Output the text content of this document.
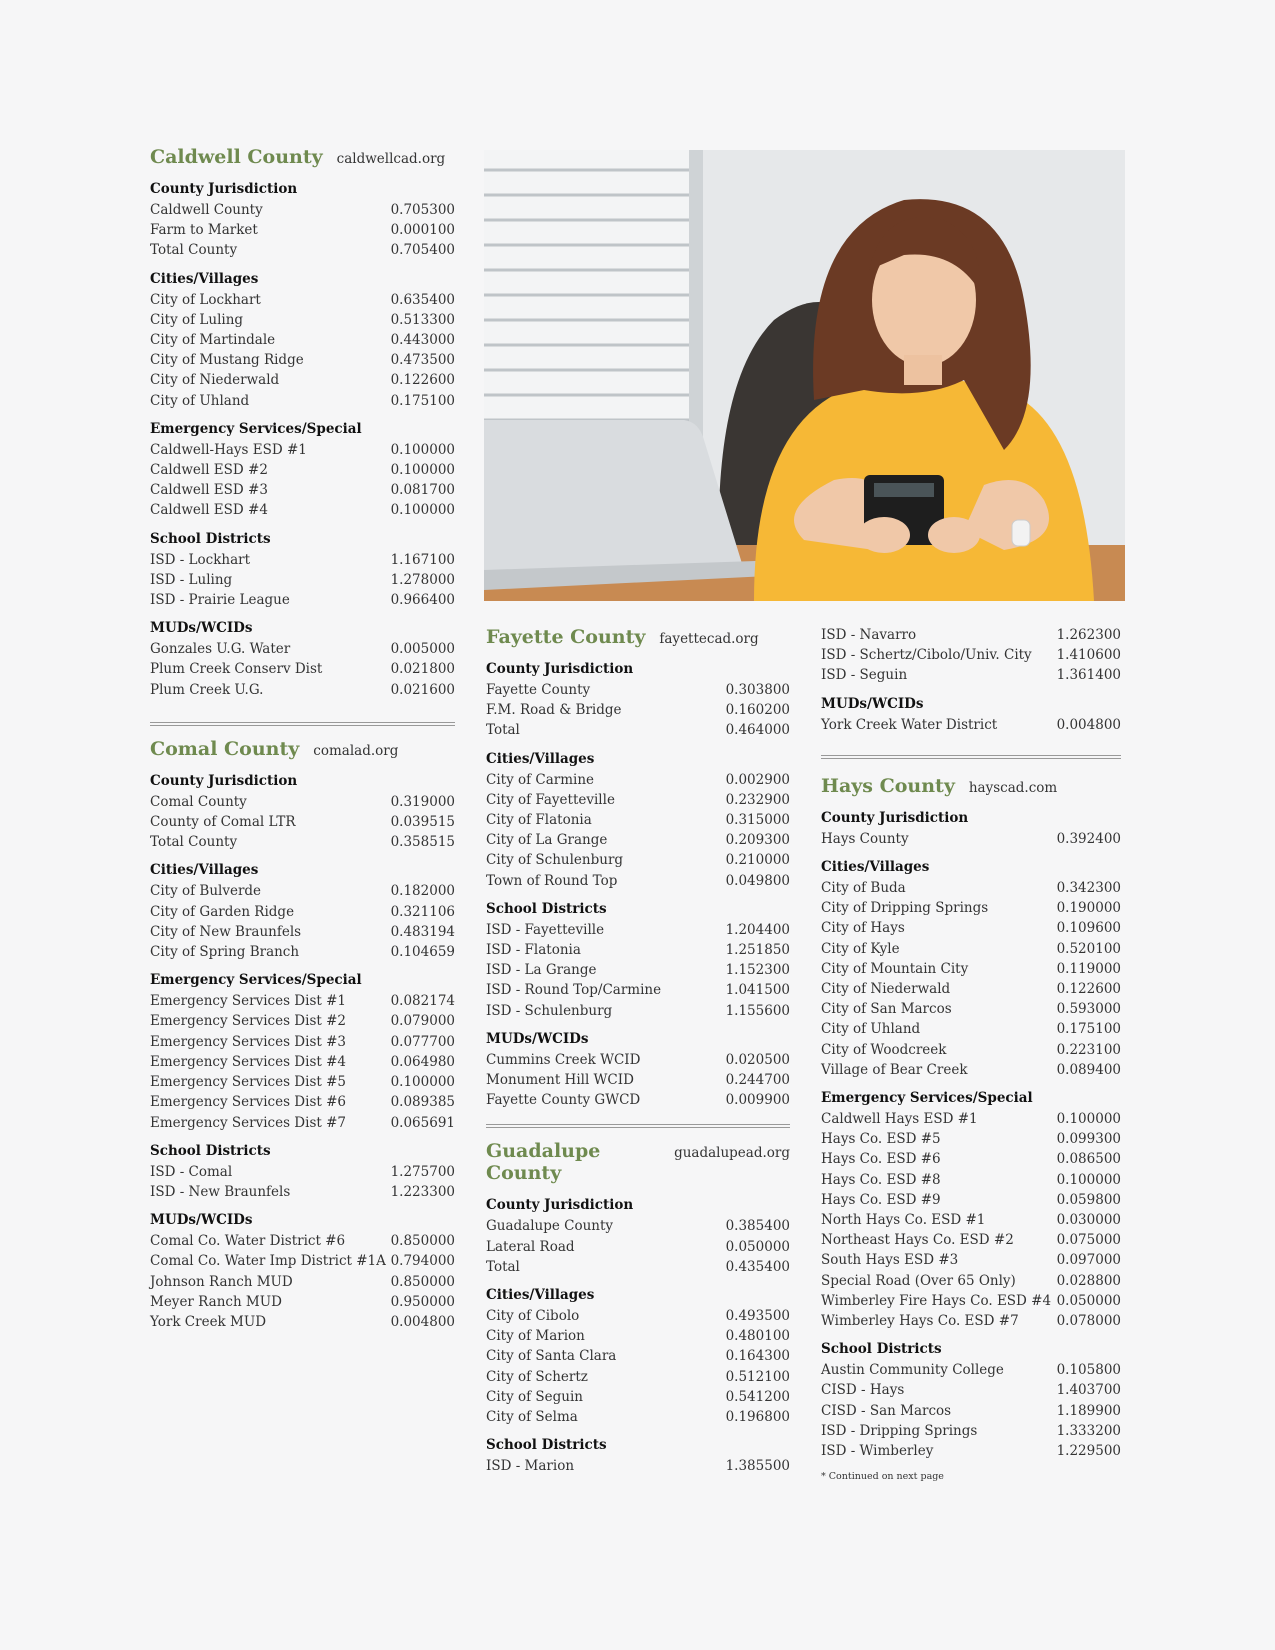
Caldwell County caldwellcad.org
County Jurisdiction
Caldwell County	0.705300
Farm to Market	0.000100
Total County	0.705400
Cities/Villages
City of Lockhart	0.635400
City of Luling	0.513300
City of Martindale	0.443000
City of Mustang Ridge	0.473500
City of Niederwald	0.122600
City of Uhland	0.175100
Emergency Services/Special
Caldwell-Hays ESD #1	0.100000
Caldwell ESD #2	0.100000
Caldwell ESD #3	0.081700
Caldwell ESD #4	0.100000
School Districts
ISD - Lockhart	1.167100
ISD - Luling	1.278000
ISD - Prairie League	0.966400
MUDs/WCIDs
Gonzales U.G. Water	0.005000
Plum Creek Conserv Dist	0.021800
Plum Creek U.G.	0.021600
Comal County comalad.org
County Jurisdiction
Comal County	0.319000
County of Comal LTR	0.039515
Total County	0.358515
Cities/Villages
City of Bulverde	0.182000
City of Garden Ridge	0.321106
City of New Braunfels	0.483194
City of Spring Branch	0.104659
Emergency Services/Special
Emergency Services Dist #1	0.082174
Emergency Services Dist #2	0.079000
Emergency Services Dist #3	0.077700
Emergency Services Dist #4	0.064980
Emergency Services Dist #5	0.100000
Emergency Services Dist #6	0.089385
Emergency Services Dist #7	0.065691
School Districts
ISD - Comal	1.275700
ISD - New Braunfels	1.223300
MUDs/WCIDs
Comal Co. Water District #6	0.850000
Comal Co. Water Imp District #1A 0.794000
Johnson Ranch MUD	0.850000
Meyer Ranch MUD	0.950000
York Creek MUD	0.004800
Fayette County fayettecad.org
County Jurisdiction
Fayette County	0.303800
F.M. Road & Bridge	0.160200
Total	0.464000
Cities/Villages
City of Carmine	0.002900
City of Fayetteville	0.232900
City of Flatonia	0.315000
City of La Grange	0.209300
City of Schulenburg	0.210000
Town of Round Top	0.049800
School Districts
ISD - Fayetteville	1.204400
ISD - Flatonia	1.251850
ISD - La Grange	1.152300
ISD - Round Top/Carmine	1.041500
ISD - Schulenburg	1.155600
MUDs/WCIDs
Cummins Creek WCID	0.020500
Monument Hill WCID	0.244700
Fayette County GWCD	0.009900
Guadalupe County
guadalupead.org
County Jurisdiction
Guadalupe County	0.385400
Lateral Road	0.050000
Total	0.435400
Cities/Villages
City of Cibolo	0.493500
City of Marion	0.480100
City of Santa Clara	0.164300
City of Schertz	0.512100
City of Seguin	0.541200
City of Selma	0.196800
School Districts
ISD - Marion	1.385500
ISD - Navarro	1.262300
ISD - Schertz/Cibolo/Univ. City 1.410600
ISD - Seguin	1.361400
MUDs/WCIDs
York Creek Water District	0.004800
Hays County hayscad.com
County Jurisdiction
Hays County	0.392400
Cities/Villages
City of Buda	0.342300
City of Dripping Springs	0.190000
City of Hays	0.109600
City of Kyle	0.520100
City of Mountain City	0.119000
City of Niederwald	0.122600
City of San Marcos	0.593000
City of Uhland	0.175100
City of Woodcreek	0.223100
Village of Bear Creek	0.089400
Emergency Services/Special
Caldwell Hays ESD #1	0.100000
Hays Co. ESD #5	0.099300
Hays Co. ESD #6	0.086500
Hays Co. ESD #8	0.100000
Hays Co. ESD #9	0.059800
North Hays Co. ESD #1	0.030000
Northeast Hays Co. ESD #2	0.075000
South Hays ESD #3	0.097000
Special Road (Over 65 Only)	0.028800
Wimberley Fire Hays Co. ESD #4 0.050000
Wimberley Hays Co. ESD #7	0.078000
School Districts
Austin Community College	0.105800
CISD - Hays	1.403700
CISD - San Marcos	1.189900
ISD - Dripping Springs	1.333200
ISD - Wimberley	1.229500
* Continued on next page
